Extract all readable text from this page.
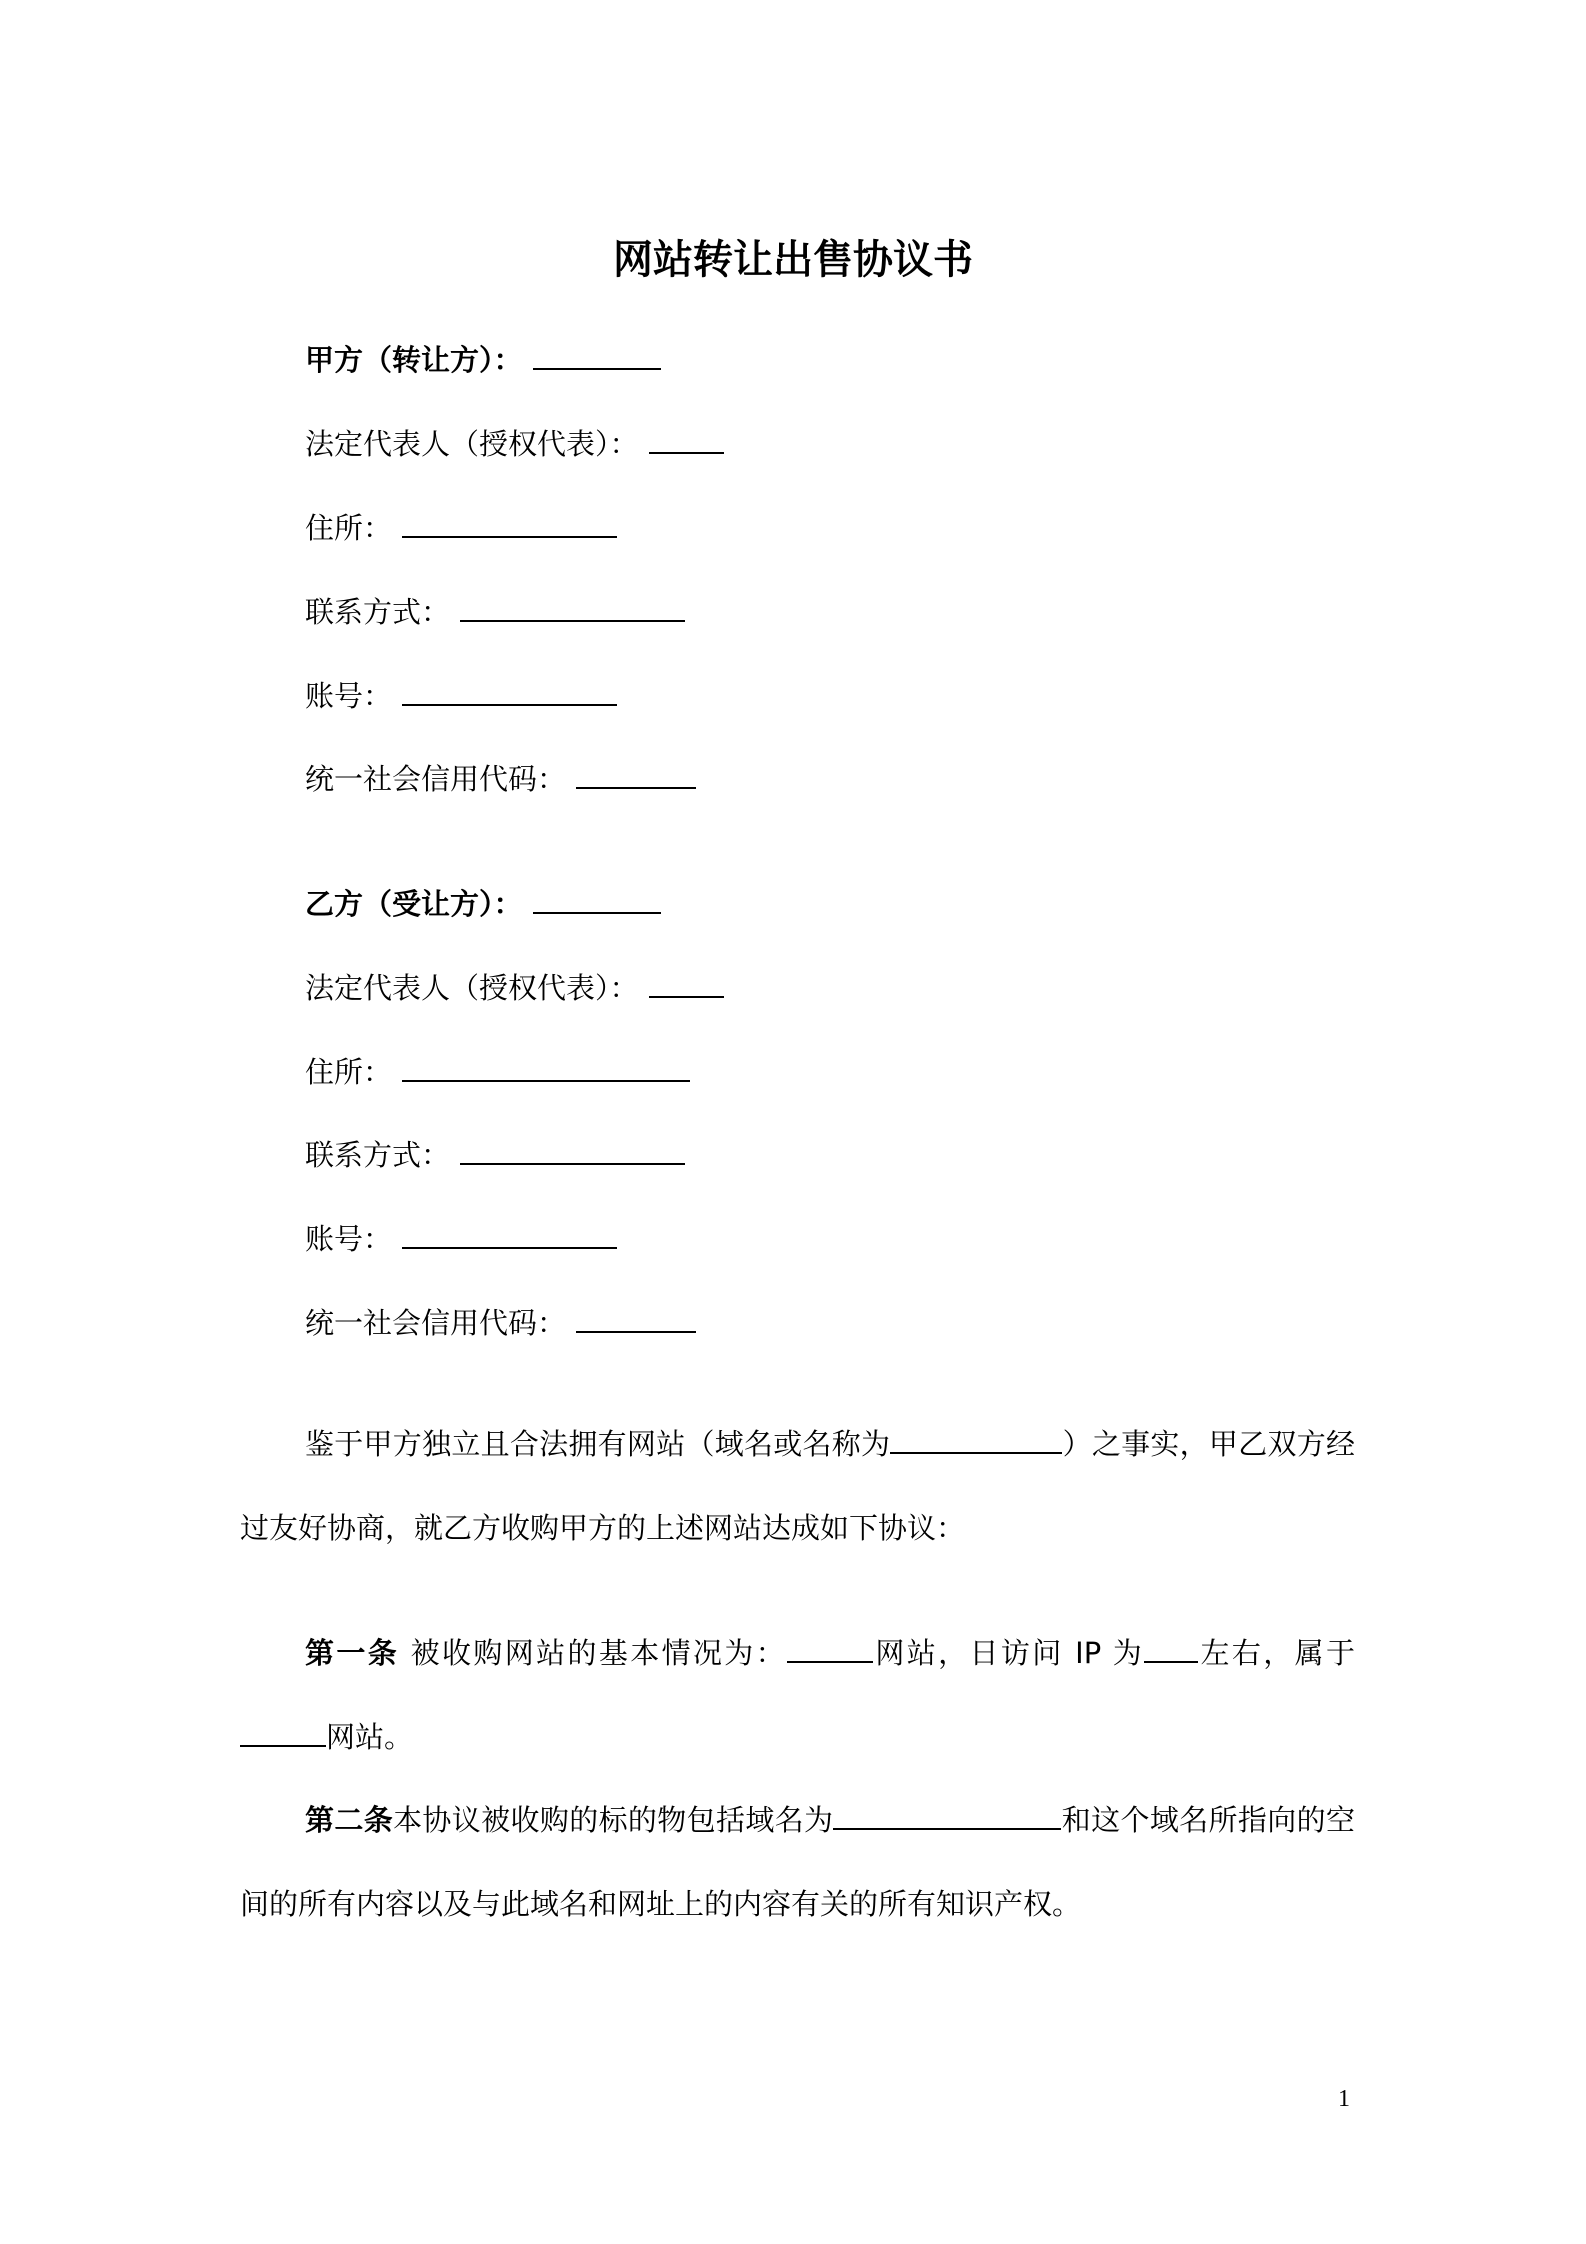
网站转让出售协议书
甲方（转让方）：
法定代表人（授权代表）：
住所：
联系方式：
账号：
统一社会信用代码：
乙方（受让方）：
法定代表人（授权代表）：
住所：
联系方式：
账号：
统一社会信用代码：
鉴于甲方独立且合法拥有网站（域名或名称为	）之事实，甲乙双方经过友好协商，就乙方收购甲方的上述网站达成如下协议：
第一条 被收购网站的基本情况为：	网站，日访问 IP 为 左右，属于网站。
第二条本协议被收购的标的物包括域名为	和这个域名所指向的空间的所有内容以及与此域名和网址上的内容有关的所有知识产权。
1
